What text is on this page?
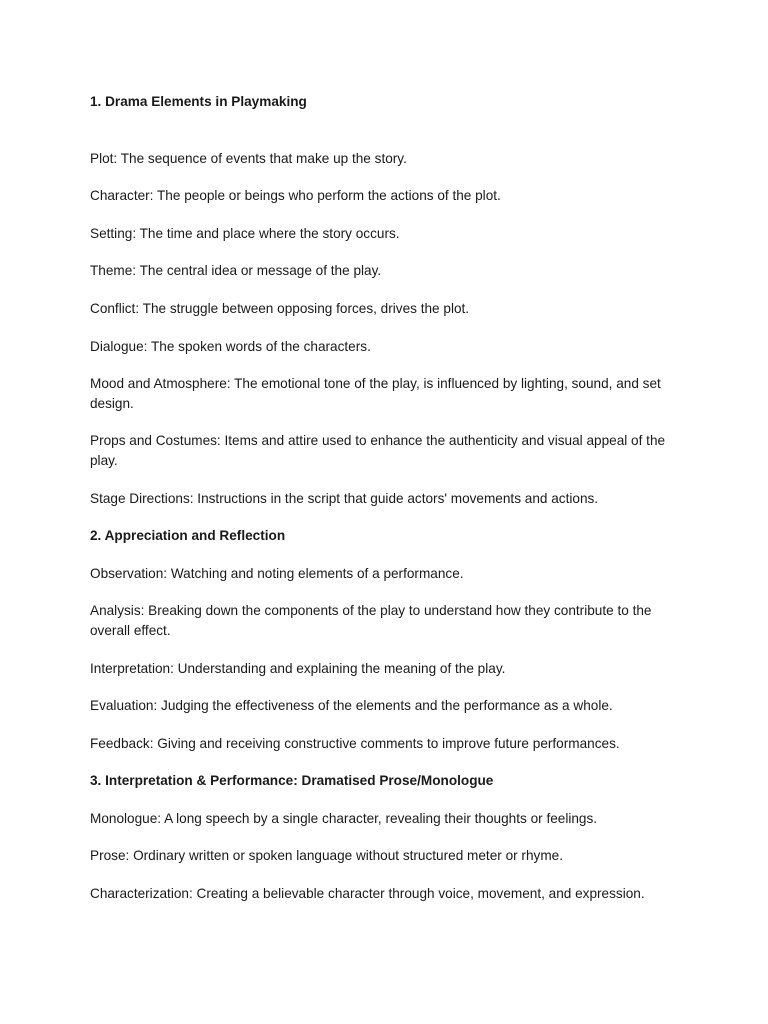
1. Drama Elements in Playmaking

Plot: The sequence of events that make up the story.

Character: The people or beings who perform the actions of the plot.

Setting: The time and place where the story occurs.

Theme: The central idea or message of the play.

Conflict: The struggle between opposing forces, drives the plot.

Dialogue: The spoken words of the characters.

Mood and Atmosphere: The emotional tone of the play, is influenced by lighting, sound, and set design.

Props and Costumes: Items and attire used to enhance the authenticity and visual appeal of the play.

Stage Directions: Instructions in the script that guide actors' movements and actions.

2. Appreciation and Reflection

Observation: Watching and noting elements of a performance.

Analysis: Breaking down the components of the play to understand how they contribute to the overall effect.

Interpretation: Understanding and explaining the meaning of the play.

Evaluation: Judging the effectiveness of the elements and the performance as a whole.

Feedback: Giving and receiving constructive comments to improve future performances.

3. Interpretation & Performance: Dramatised Prose/Monologue

Monologue: A long speech by a single character, revealing their thoughts or feelings.

Prose: Ordinary written or spoken language without structured meter or rhyme.

Characterization: Creating a believable character through voice, movement, and expression.
